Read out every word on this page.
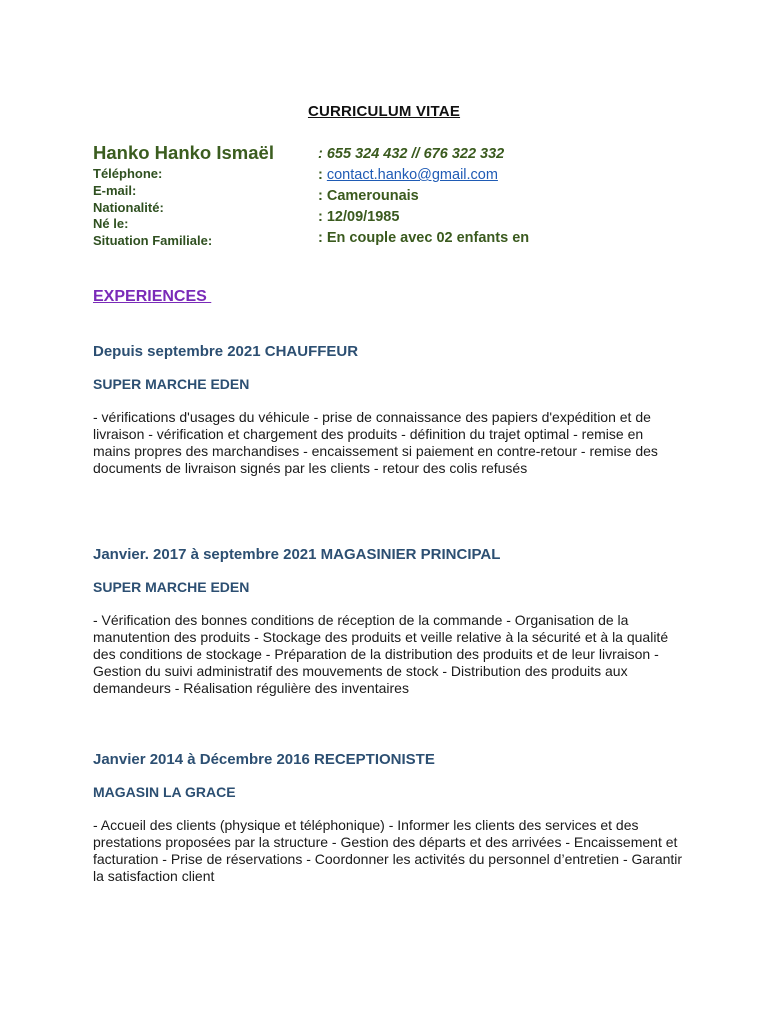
CURRICULUM VITAE
Hanko Hanko Ismaël
Téléphone:
E-mail:
Nationalité:
Né le:
Situation Familiale:
: 655 324 432 // 676 322 332
: contact.hanko@gmail.com
: Camerounais
: 12/09/1985
: En couple avec 02 enfants en
EXPERIENCES

Depuis septembre 2021 CHAUFFEUR

SUPER MARCHE EDEN

- vérifications d'usages du véhicule - prise de connaissance des papiers d'expédition et de livraison - vérification et chargement des produits - définition du trajet optimal - remise en mains propres des marchandises - encaissement si paiement en contre-retour - remise des documents de livraison signés par les clients - retour des colis refusés

Janvier. 2017 à septembre 2021 MAGASINIER PRINCIPAL

SUPER MARCHE EDEN

- Vérification des bonnes conditions de réception de la commande - Organisation de la manutention des produits - Stockage des produits et veille relative à la sécurité et à la qualité des conditions de stockage - Préparation de la distribution des produits et de leur livraison - Gestion du suivi administratif des mouvements de stock - Distribution des produits aux demandeurs - Réalisation régulière des inventaires

Janvier 2014 à Décembre 2016 RECEPTIONISTE

MAGASIN LA GRACE

- Accueil des clients (physique et téléphonique) - Informer les clients des services et des prestations proposées par la structure - Gestion des départs et des arrivées - Encaissement et facturation - Prise de réservations - Coordonner les activités du personnel d’entretien - Garantir la satisfaction client
